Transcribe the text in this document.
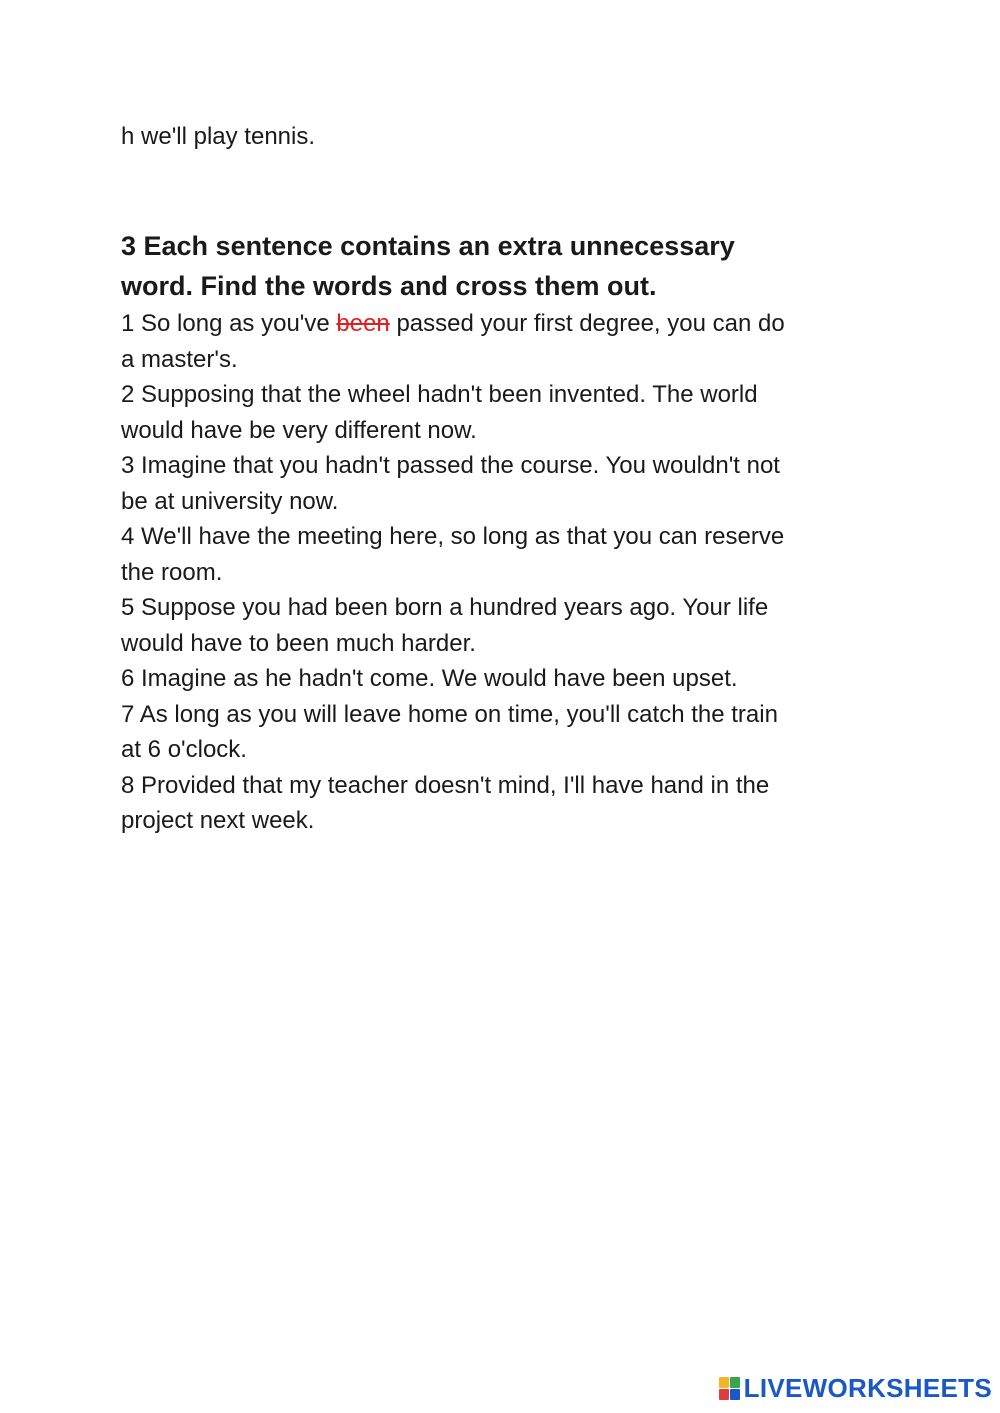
h we'll play tennis.

3 Each sentence contains an extra unnecessary
word. Find the words and cross them out.
1 So long as you've been passed your first degree, you can do
a master's.
2 Supposing that the wheel hadn't been invented. The world
would have be very different now.
3 Imagine that you hadn't passed the course. You wouldn't not
be at university now.
4 We'll have the meeting here, so long as that you can reserve
the room.
5 Suppose you had been born a hundred years ago. Your life
would have to been much harder.
6 Imagine as he hadn't come. We would have been upset.
7 As long as you will leave home on time, you'll catch the train
at 6 o'clock.
8 Provided that my teacher doesn't mind, I'll have hand in the
project next week.
LIVEWORKSHEETS
